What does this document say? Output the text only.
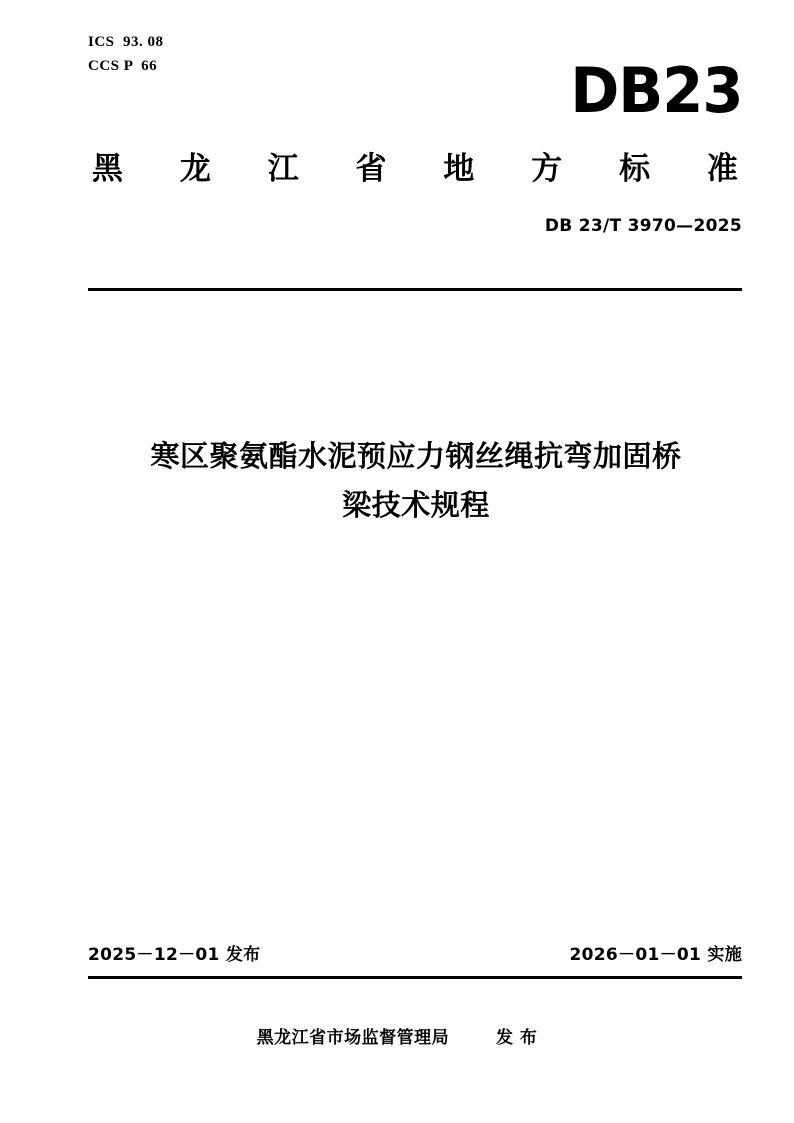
ICS  93. 08
CCS P  66	DB23
黑 龙 江 省 地 方 标 准
DB 23/T 3970—2025
寒区聚氨酯水泥预应力钢丝绳抗弯加固桥
梁技术规程
2025－12－01 发布	2026－01－01 实施
黑龙江省市场监督管理局	发 布
